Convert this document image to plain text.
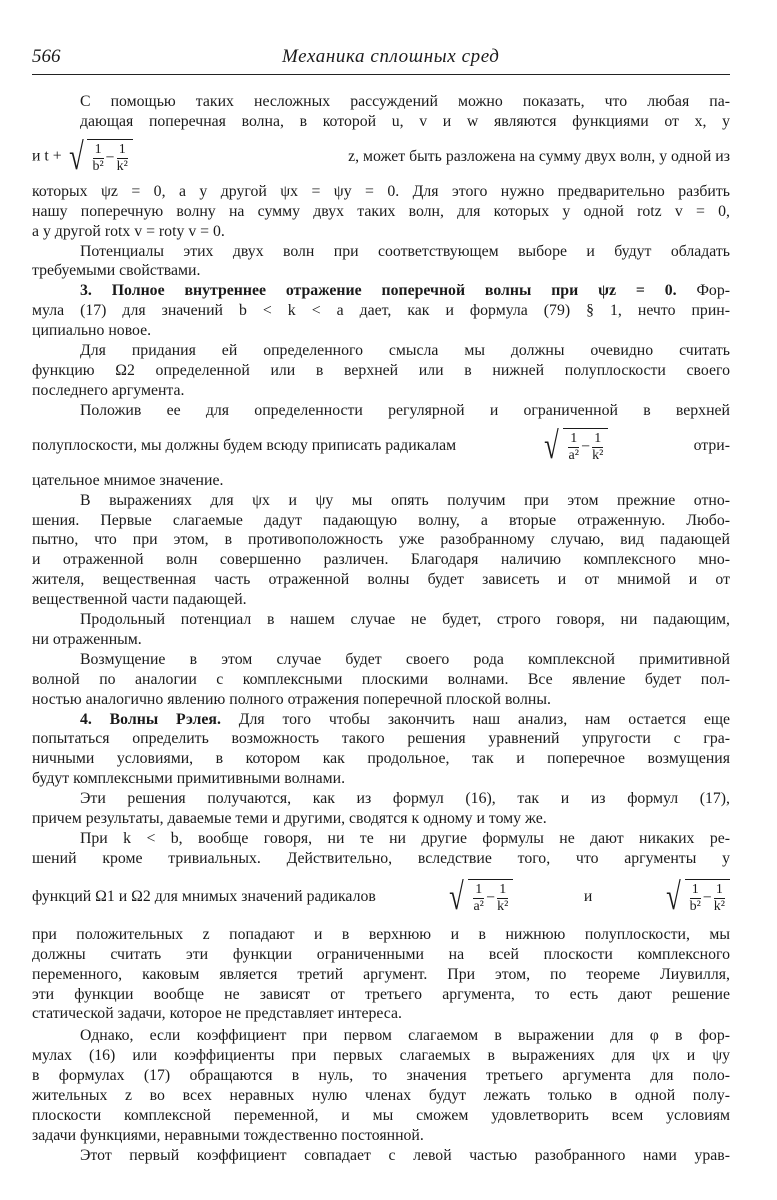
566	Механика сплошных сред

С помощью таких несложных рассуждений можно показать, что любая па-
дающая поперечная волна, в которой u, v и w являются функциями от x, y

и t + √ $\frac{1}{\text{b²}} - \frac{1}{\text{k²}}$	z, может быть разложена на сумму двух волн, у одной из
которых ψz = 0, а у другой ψx = ψy = 0. Для этого нужно предварительно разбить
нашу поперечную волну на сумму двух таких волн, для которых у одной rotz v = 0,
а у другой rotx v = roty v = 0.

Потенциалы этих двух волн при соответствующем выборе и будут обладать

требуемыми свойствами.

3. Полное внутреннее отражение поперечной волны при ψz = 0. Фор-

мула (17) для значений b < k < a дает, как и формула (79) § 1, нечто прин-
ципиально новое.

Для придания ей определенного смысла мы должны очевидно считать

функцию Ω2 определенной или в верхней или в нижней полуплоскости своего
последнего аргумента.

Положив ее для определенности регулярной и ограниченной в верхней

полуплоскости, мы должны будем всюду приписать радикалам √ $\frac{1}{\text{a²}} - \frac{1}{\text{k²}}$	отри-
цательное мнимое значение.

В выражениях для ψx и ψy мы опять получим при этом прежние отно-

шения. Первые слагаемые дадут падающую волну, а вторые отраженную. Любо-
пытно, что при этом, в противоположность уже разобранному случаю, вид падающей
и отраженной волн совершенно различен. Благодаря наличию комплексного мно-
жителя, вещественная часть отраженной волны будет зависеть и от мнимой и от
вещественной части падающей.

Продольный потенциал в нашем случае не будет, строго говоря, ни падающим,

ни отраженным.

Возмущение в этом случае будет своего рода комплексной примитивной

волной по аналогии с комплексными плоскими волнами. Все явление будет пол-
ностью аналогично явлению полного отражения поперечной плоской волны.

4. Волны Рэлея. Для того чтобы закончить наш анализ, нам остается еще

попытаться определить возможность такого решения уравнений упругости с гра-
ничными условиями, в котором как продольное, так и поперечное возмущения
будут комплексными примитивными волнами.

Эти решения получаются, как из формул (16), так и из формул (17),

причем результаты, даваемые теми и другими, сводятся к одному и тому же.

При k < b, вообще говоря, ни те ни другие формулы не дают никаких ре-

шений кроме тривиальных. Действительно, вследствие того, что аргументы у
функций Ω1 и Ω2 для мнимых значений радикалов √ $\frac{1}{\text{a²}} - \frac{1}{\text{k²}}$	и √ $\frac{1}{\text{b²}} - \frac{1}{\text{k²}}$
при положительных z попадают и в верхнюю и в нижнюю полуплоскости, мы
должны считать эти функции ограниченными на всей плоскости комплексного
переменного, каковым является третий аргумент. При этом, по теореме Лиувилля,
эти функции вообще не зависят от третьего аргумента, то есть дают решение
статической задачи, которое не представляет интереса.

Однако, если коэффициент при первом слагаемом в выражении для φ в фор-

мулах (16) или коэффициенты при первых слагаемых в выражениях для ψx и ψy
в формулах (17) обращаются в нуль, то значения третьего аргумента для поло-
жительных z во всех неравных нулю членах будут лежать только в одной полу-
плоскости комплексной переменной, и мы сможем удовлетворить всем условиям
задачи функциями, неравными тождественно постоянной.

Этот первый коэффициент совпадает с левой частью разобранного нами урав-
